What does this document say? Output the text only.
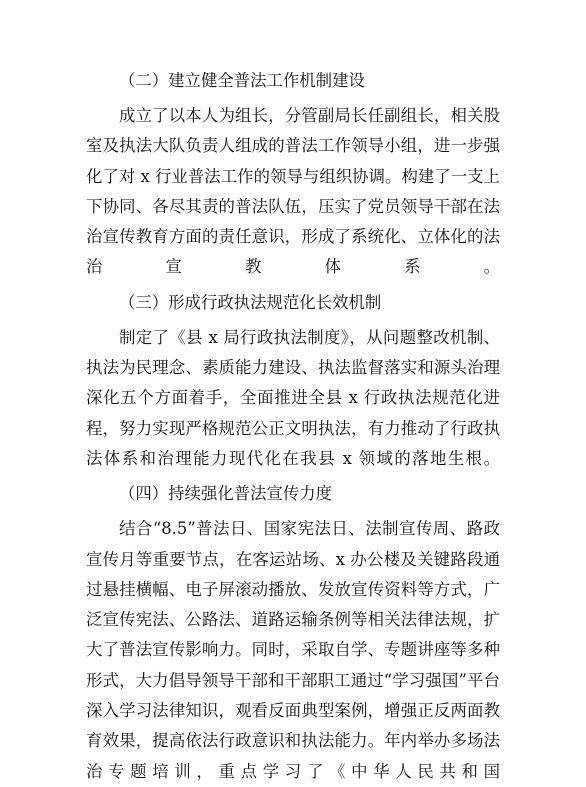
（二）建立健全普法工作机制建设

成立了以本人为组长，分管副局长任副组长，相关股室及执法大队负责人组成的普法工作领导小组，进一步强化了对 x 行业普法工作的领导与组织协调。构建了一支上下协同、各尽其责的普法队伍，压实了党员领导干部在法治宣传教育方面的责任意识，形成了系统化、立体化的法治宣教体系。

（三）形成行政执法规范化长效机制

制定了《县 x 局行政执法制度》，从问题整改机制、执法为民理念、素质能力建设、执法监督落实和源头治理深化五个方面着手，全面推进全县 x 行政执法规范化进程，努力实现严格规范公正文明执法，有力推动了行政执法体系和治理能力现代化在我县 x 领域的落地生根。

（四）持续强化普法宣传力度

结合“8.5”普法日、国家宪法日、法制宣传周、路政宣传月等重要节点，在客运站场、x 办公楼及关键路段通过悬挂横幅、电子屏滚动播放、发放宣传资料等方式，广泛宣传宪法、公路法、道路运输条例等相关法律法规，扩大了普法宣传影响力。同时，采取自学、专题讲座等多种形式，大力倡导领导干部和干部职工通过“学习强国”平台深入学习法律知识，观看反面典型案例，增强正反两面教育效果，提高依法行政意识和执法能力。年内举办多场法治专题培训，重点学习了《中华人民共和国
